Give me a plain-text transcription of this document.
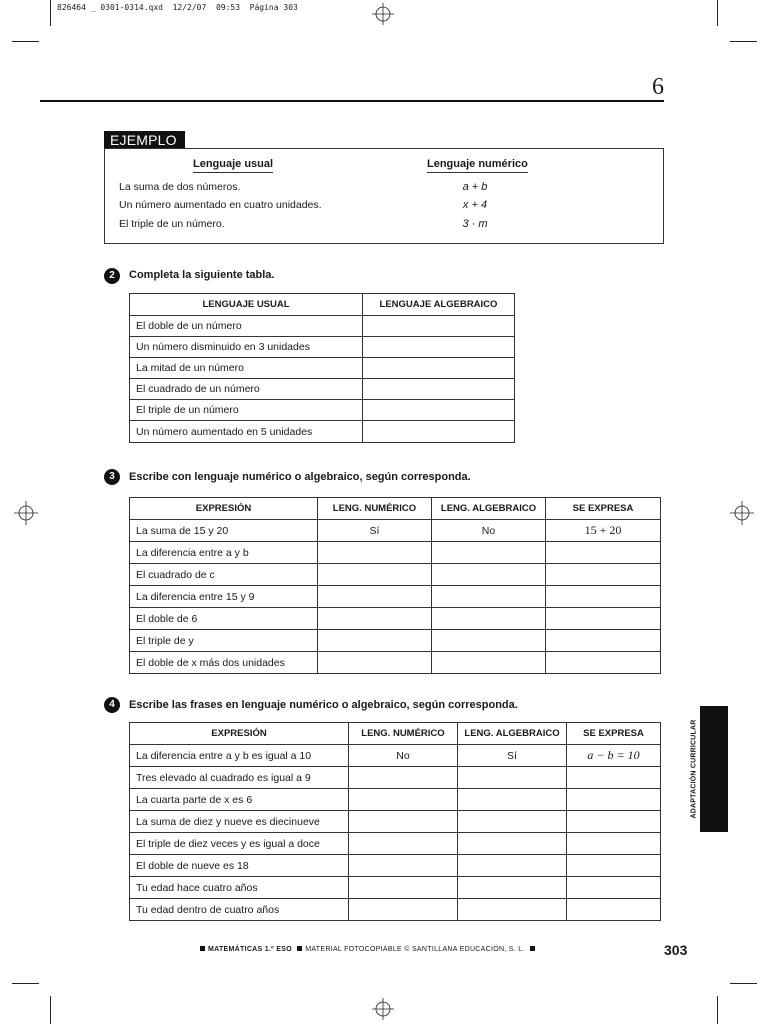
826464 _ 0301-0314.qxd  12/2/07  09:53  Página 303
6
EJEMPLO
Lenguaje usual	Lenguaje numérico
La suma de dos números.	a + b
Un número aumentado en cuatro unidades.	x + 4
El triple de un número.	3 · m
2	Completa la siguiente tabla.
LENGUAJE USUAL	LENGUAJE ALGEBRAICO
El doble de un número	
Un número disminuido en 3 unidades	
La mitad de un número	
El cuadrado de un número	
El triple de un número	
Un número aumentado en 5 unidades	
3	Escribe con lenguaje numérico o algebraico, según corresponda.
EXPRESIÓN	LENG. NUMÉRICO	LENG. ALGEBRAICO	SE EXPRESA
La suma de 15 y 20	Sí	No	15 + 20
La diferencia entre a y b			
El cuadrado de c			
La diferencia entre 15 y 9			
El doble de 6			
El triple de y			
El doble de x más dos unidades			
4	Escribe las frases en lenguaje numérico o algebraico, según corresponda.
EXPRESIÓN	LENG. NUMÉRICO	LENG. ALGEBRAICO	SE EXPRESA
La diferencia entre a y b es igual a 10	No	Sí	a − b = 10
Tres elevado al cuadrado es igual a 9			
La cuarta parte de x es 6			
La suma de diez y nueve es diecinueve			
El triple de diez veces y es igual a doce			
El doble de nueve es 18			
Tu edad hace cuatro años			
Tu edad dentro de cuatro años			
ADAPTACIÓN CURRICULAR
MATEMÁTICAS 1.º ESO MATERIAL FOTOCOPIABLE © SANTILLANA EDUCACIÓN, S. L.	303
